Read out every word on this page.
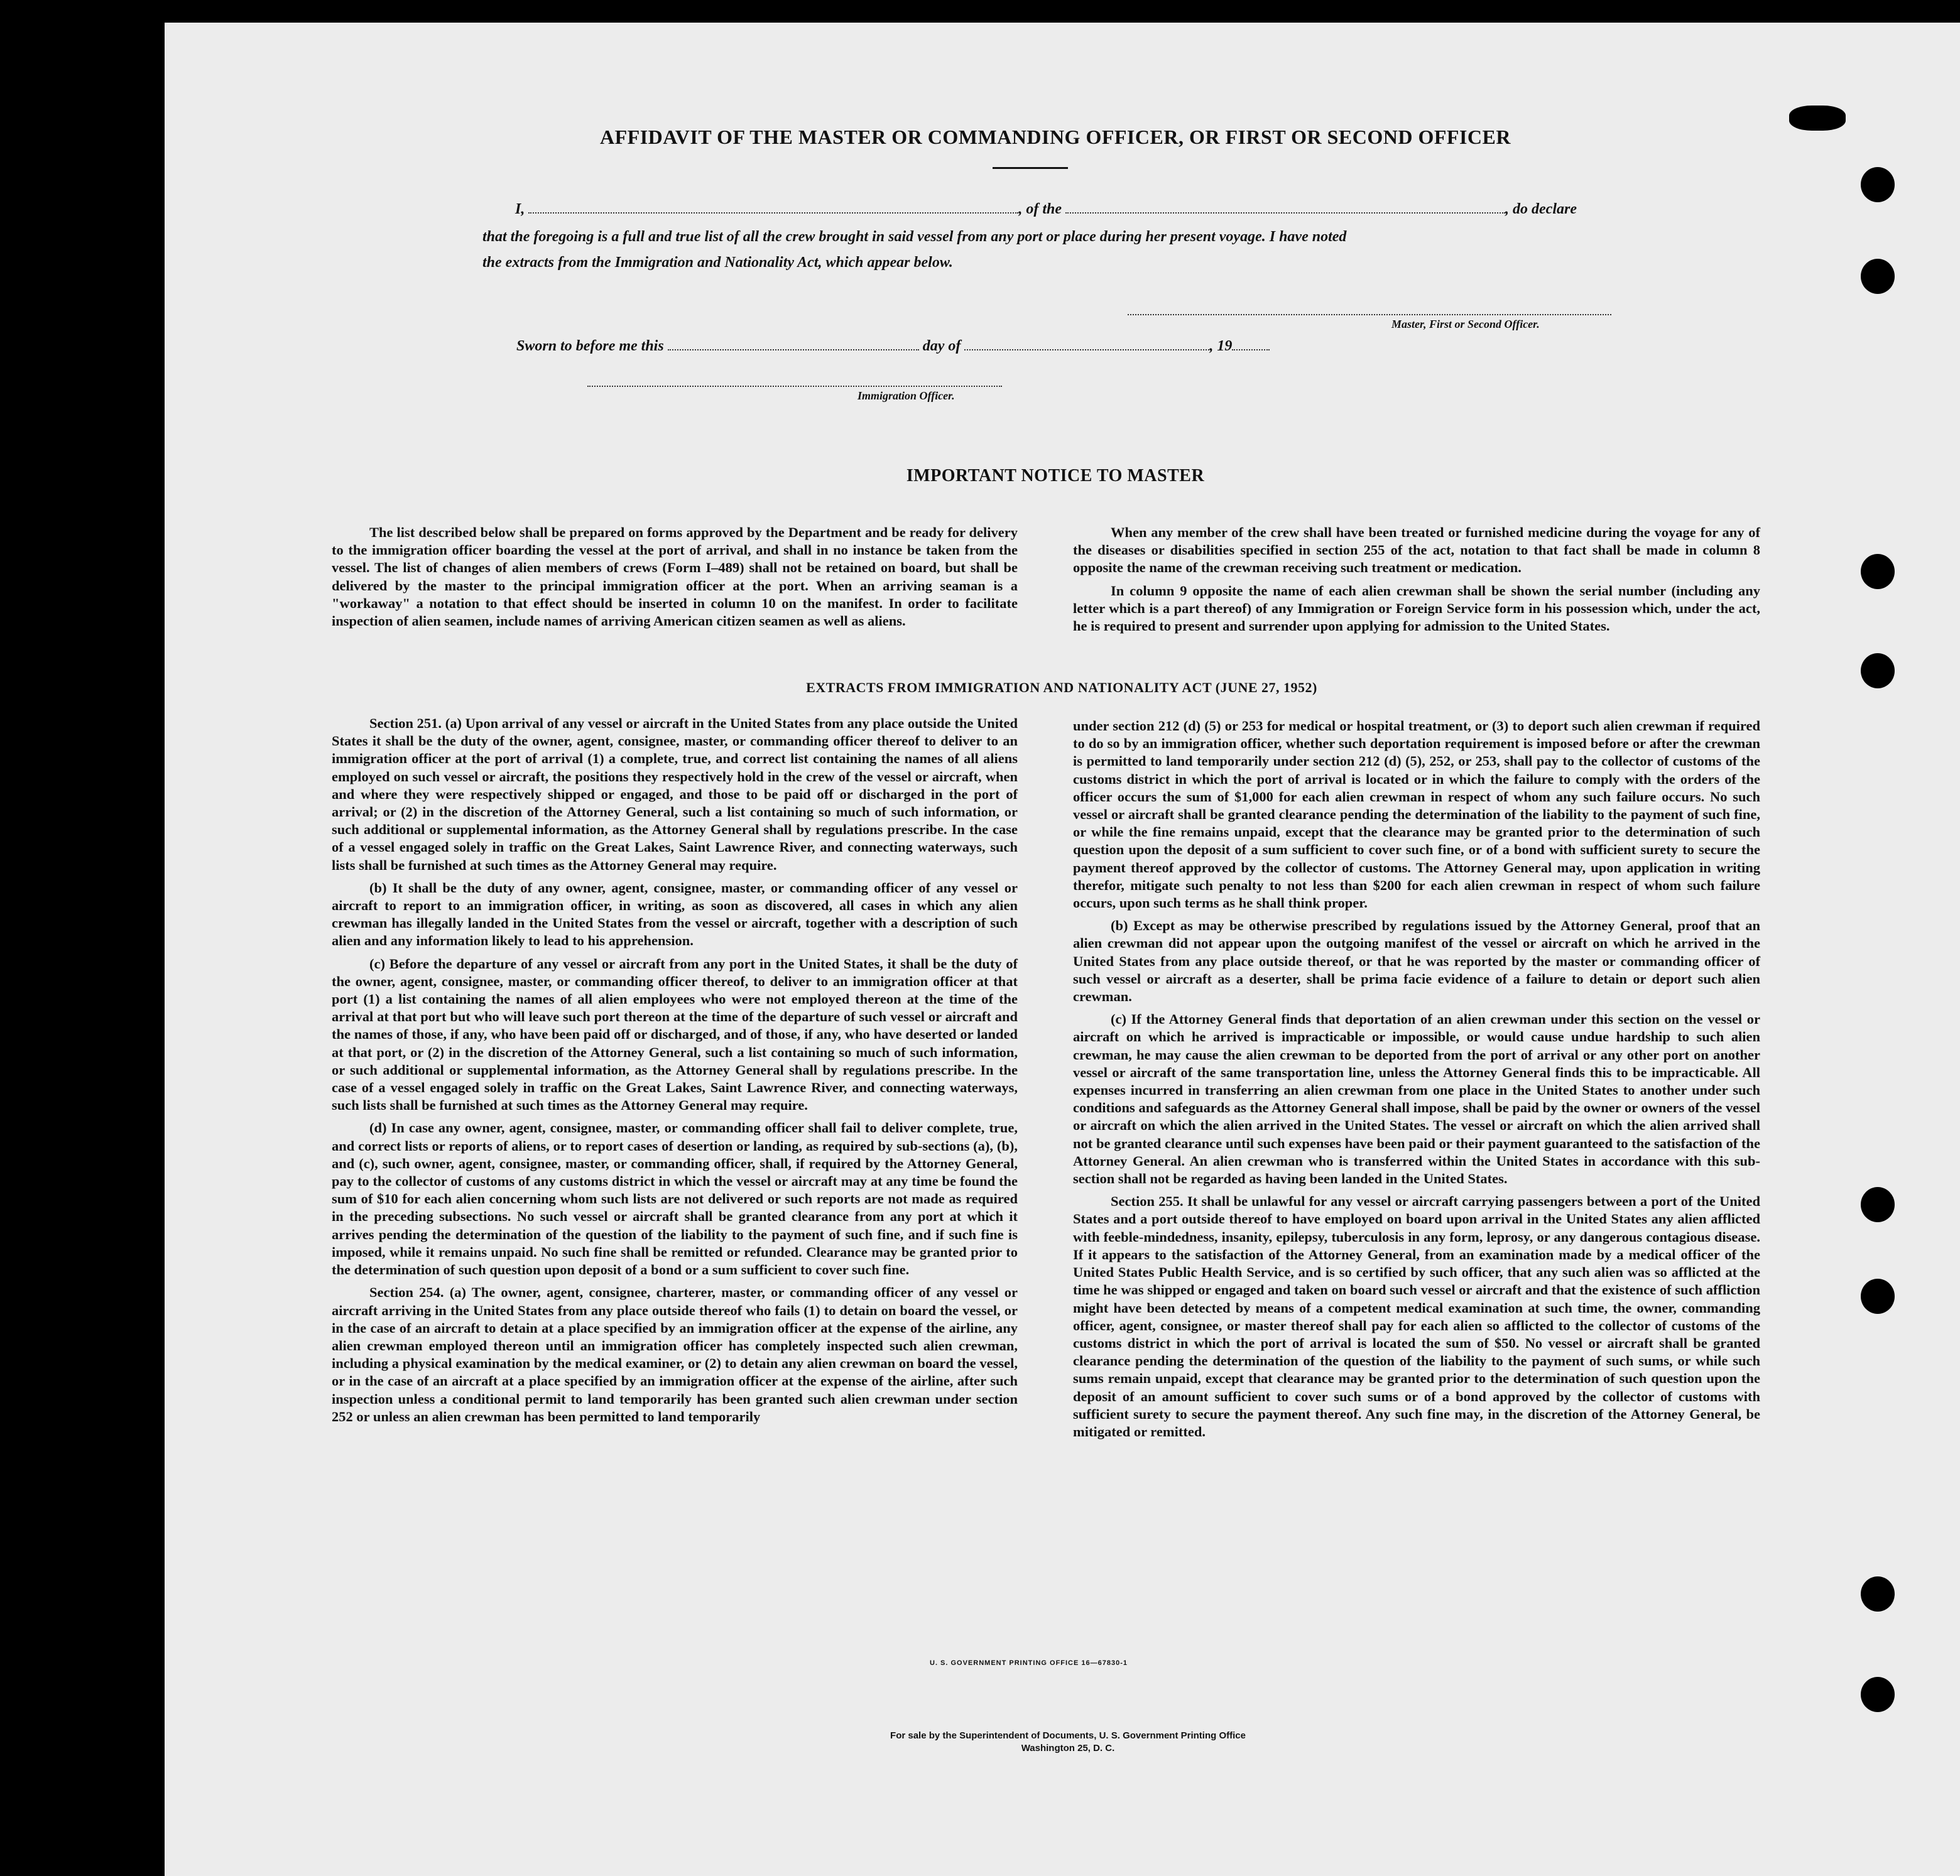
AFFIDAVIT OF THE MASTER OR COMMANDING OFFICER, OR FIRST OR SECOND OFFICER
I,	, of the	, do declare
that the foregoing is a full and true list of all the crew brought in said vessel from any port or place during her present voyage. I have noted
the extracts from the Immigration and Nationality Act, which appear below.
Master, First or Second Officer.
Sworn to before me this	day of	, 19
Immigration Officer.
IMPORTANT NOTICE TO MASTER

The list described below shall be prepared on forms approved by the Department and be ready for delivery to the immigration officer boarding the vessel at the port of arrival, and shall in no instance be taken from the vessel. The list of changes of alien members of crews (Form I–489) shall not be retained on board, but shall be delivered by the master to the principal immigration officer at the port. When an arriving seaman is a "workaway" a notation to that effect should be inserted in column 10 on the manifest. In order to facilitate inspection of alien seamen, include names of arriving American citizen seamen as well as aliens.

When any member of the crew shall have been treated or furnished medicine during the voyage for any of the diseases or disabilities specified in section 255 of the act, notation to that fact shall be made in column 8 opposite the name of the crewman receiving such treatment or medication.

In column 9 opposite the name of each alien crewman shall be shown the serial number (including any letter which is a part thereof) of any Immigration or Foreign Service form in his possession which, under the act, he is required to present and surrender upon applying for admission to the United States.

EXTRACTS FROM IMMIGRATION AND NATIONALITY ACT (JUNE 27, 1952)

Section 251. (a) Upon arrival of any vessel or aircraft in the United States from any place outside the United States it shall be the duty of the owner, agent, consignee, master, or commanding officer thereof to deliver to an immigration officer at the port of arrival (1) a complete, true, and correct list containing the names of all aliens employed on such vessel or aircraft, the positions they respectively hold in the crew of the vessel or aircraft, when and where they were respectively shipped or engaged, and those to be paid off or discharged in the port of arrival; or (2) in the discretion of the Attorney General, such a list containing so much of such information, or such additional or supplemental information, as the Attorney General shall by regulations prescribe. In the case of a vessel engaged solely in traffic on the Great Lakes, Saint Lawrence River, and connecting waterways, such lists shall be furnished at such times as the Attorney General may require.

(b) It shall be the duty of any owner, agent, consignee, master, or commanding officer of any vessel or aircraft to report to an immigration officer, in writing, as soon as discovered, all cases in which any alien crewman has illegally landed in the United States from the vessel or aircraft, together with a description of such alien and any information likely to lead to his apprehension.

(c) Before the departure of any vessel or aircraft from any port in the United States, it shall be the duty of the owner, agent, consignee, master, or commanding officer thereof, to deliver to an immigration officer at that port (1) a list containing the names of all alien employees who were not employed thereon at the time of the arrival at that port but who will leave such port thereon at the time of the departure of such vessel or aircraft and the names of those, if any, who have been paid off or discharged, and of those, if any, who have deserted or landed at that port, or (2) in the discretion of the Attorney General, such a list containing so much of such information, or such additional or supplemental information, as the Attorney General shall by regulations prescribe. In the case of a vessel engaged solely in traffic on the Great Lakes, Saint Lawrence River, and connecting waterways, such lists shall be furnished at such times as the Attorney General may require.

(d) In case any owner, agent, consignee, master, or commanding officer shall fail to deliver complete, true, and correct lists or reports of aliens, or to report cases of desertion or landing, as required by sub-sections (a), (b), and (c), such owner, agent, consignee, master, or commanding officer, shall, if required by the Attorney General, pay to the collector of customs of any customs district in which the vessel or aircraft may at any time be found the sum of $10 for each alien concerning whom such lists are not delivered or such reports are not made as required in the preceding subsections. No such vessel or aircraft shall be granted clearance from any port at which it arrives pending the determination of the question of the liability to the payment of such fine, and if such fine is imposed, while it remains unpaid. No such fine shall be remitted or refunded. Clearance may be granted prior to the determination of such question upon deposit of a bond or a sum sufficient to cover such fine.

Section 254. (a) The owner, agent, consignee, charterer, master, or commanding officer of any vessel or aircraft arriving in the United States from any place outside thereof who fails (1) to detain on board the vessel, or in the case of an aircraft to detain at a place specified by an immigration officer at the expense of the airline, any alien crewman employed thereon until an immigration officer has completely inspected such alien crewman, including a physical examination by the medical examiner, or (2) to detain any alien crewman on board the vessel, or in the case of an aircraft at a place specified by an immigration officer at the expense of the airline, after such inspection unless a conditional permit to land temporarily has been granted such alien crewman under section 252 or unless an alien crewman has been permitted to land temporarily

under section 212 (d) (5) or 253 for medical or hospital treatment, or (3) to deport such alien crewman if required to do so by an immigration officer, whether such deportation requirement is imposed before or after the crewman is permitted to land temporarily under section 212 (d) (5), 252, or 253, shall pay to the collector of customs of the customs district in which the port of arrival is located or in which the failure to comply with the orders of the officer occurs the sum of $1,000 for each alien crewman in respect of whom any such failure occurs. No such vessel or aircraft shall be granted clearance pending the determination of the liability to the payment of such fine, or while the fine remains unpaid, except that the clearance may be granted prior to the determination of such question upon the deposit of a sum sufficient to cover such fine, or of a bond with sufficient surety to secure the payment thereof approved by the collector of customs. The Attorney General may, upon application in writing therefor, mitigate such penalty to not less than $200 for each alien crewman in respect of whom such failure occurs, upon such terms as he shall think proper.

(b) Except as may be otherwise prescribed by regulations issued by the Attorney General, proof that an alien crewman did not appear upon the outgoing manifest of the vessel or aircraft on which he arrived in the United States from any place outside thereof, or that he was reported by the master or commanding officer of such vessel or aircraft as a deserter, shall be prima facie evidence of a failure to detain or deport such alien crewman.

(c) If the Attorney General finds that deportation of an alien crewman under this section on the vessel or aircraft on which he arrived is impracticable or impossible, or would cause undue hardship to such alien crewman, he may cause the alien crewman to be deported from the port of arrival or any other port on another vessel or aircraft of the same transportation line, unless the Attorney General finds this to be impracticable. All expenses incurred in transferring an alien crewman from one place in the United States to another under such conditions and safeguards as the Attorney General shall impose, shall be paid by the owner or owners of the vessel or aircraft on which the alien arrived in the United States. The vessel or aircraft on which the alien arrived shall not be granted clearance until such expenses have been paid or their payment guaranteed to the satisfaction of the Attorney General. An alien crewman who is transferred within the United States in accordance with this sub-section shall not be regarded as having been landed in the United States.

Section 255. It shall be unlawful for any vessel or aircraft carrying passengers between a port of the United States and a port outside thereof to have employed on board upon arrival in the United States any alien afflicted with feeble-mindedness, insanity, epilepsy, tuberculosis in any form, leprosy, or any dangerous contagious disease. If it appears to the satisfaction of the Attorney General, from an examination made by a medical officer of the United States Public Health Service, and is so certified by such officer, that any such alien was so afflicted at the time he was shipped or engaged and taken on board such vessel or aircraft and that the existence of such affliction might have been detected by means of a competent medical examination at such time, the owner, commanding officer, agent, consignee, or master thereof shall pay for each alien so afflicted to the collector of customs of the customs district in which the port of arrival is located the sum of $50. No vessel or aircraft shall be granted clearance pending the determination of the question of the liability to the payment of such sums, or while such sums remain unpaid, except that clearance may be granted prior to the determination of such question upon the deposit of an amount sufficient to cover such sums or of a bond approved by the collector of customs with sufficient surety to secure the payment thereof. Any such fine may, in the discretion of the Attorney General, be mitigated or remitted.

U. S. GOVERNMENT PRINTING OFFICE 16—67830-1
For sale by the Superintendent of Documents, U. S. Government Printing Office
Washington 25, D. C.
